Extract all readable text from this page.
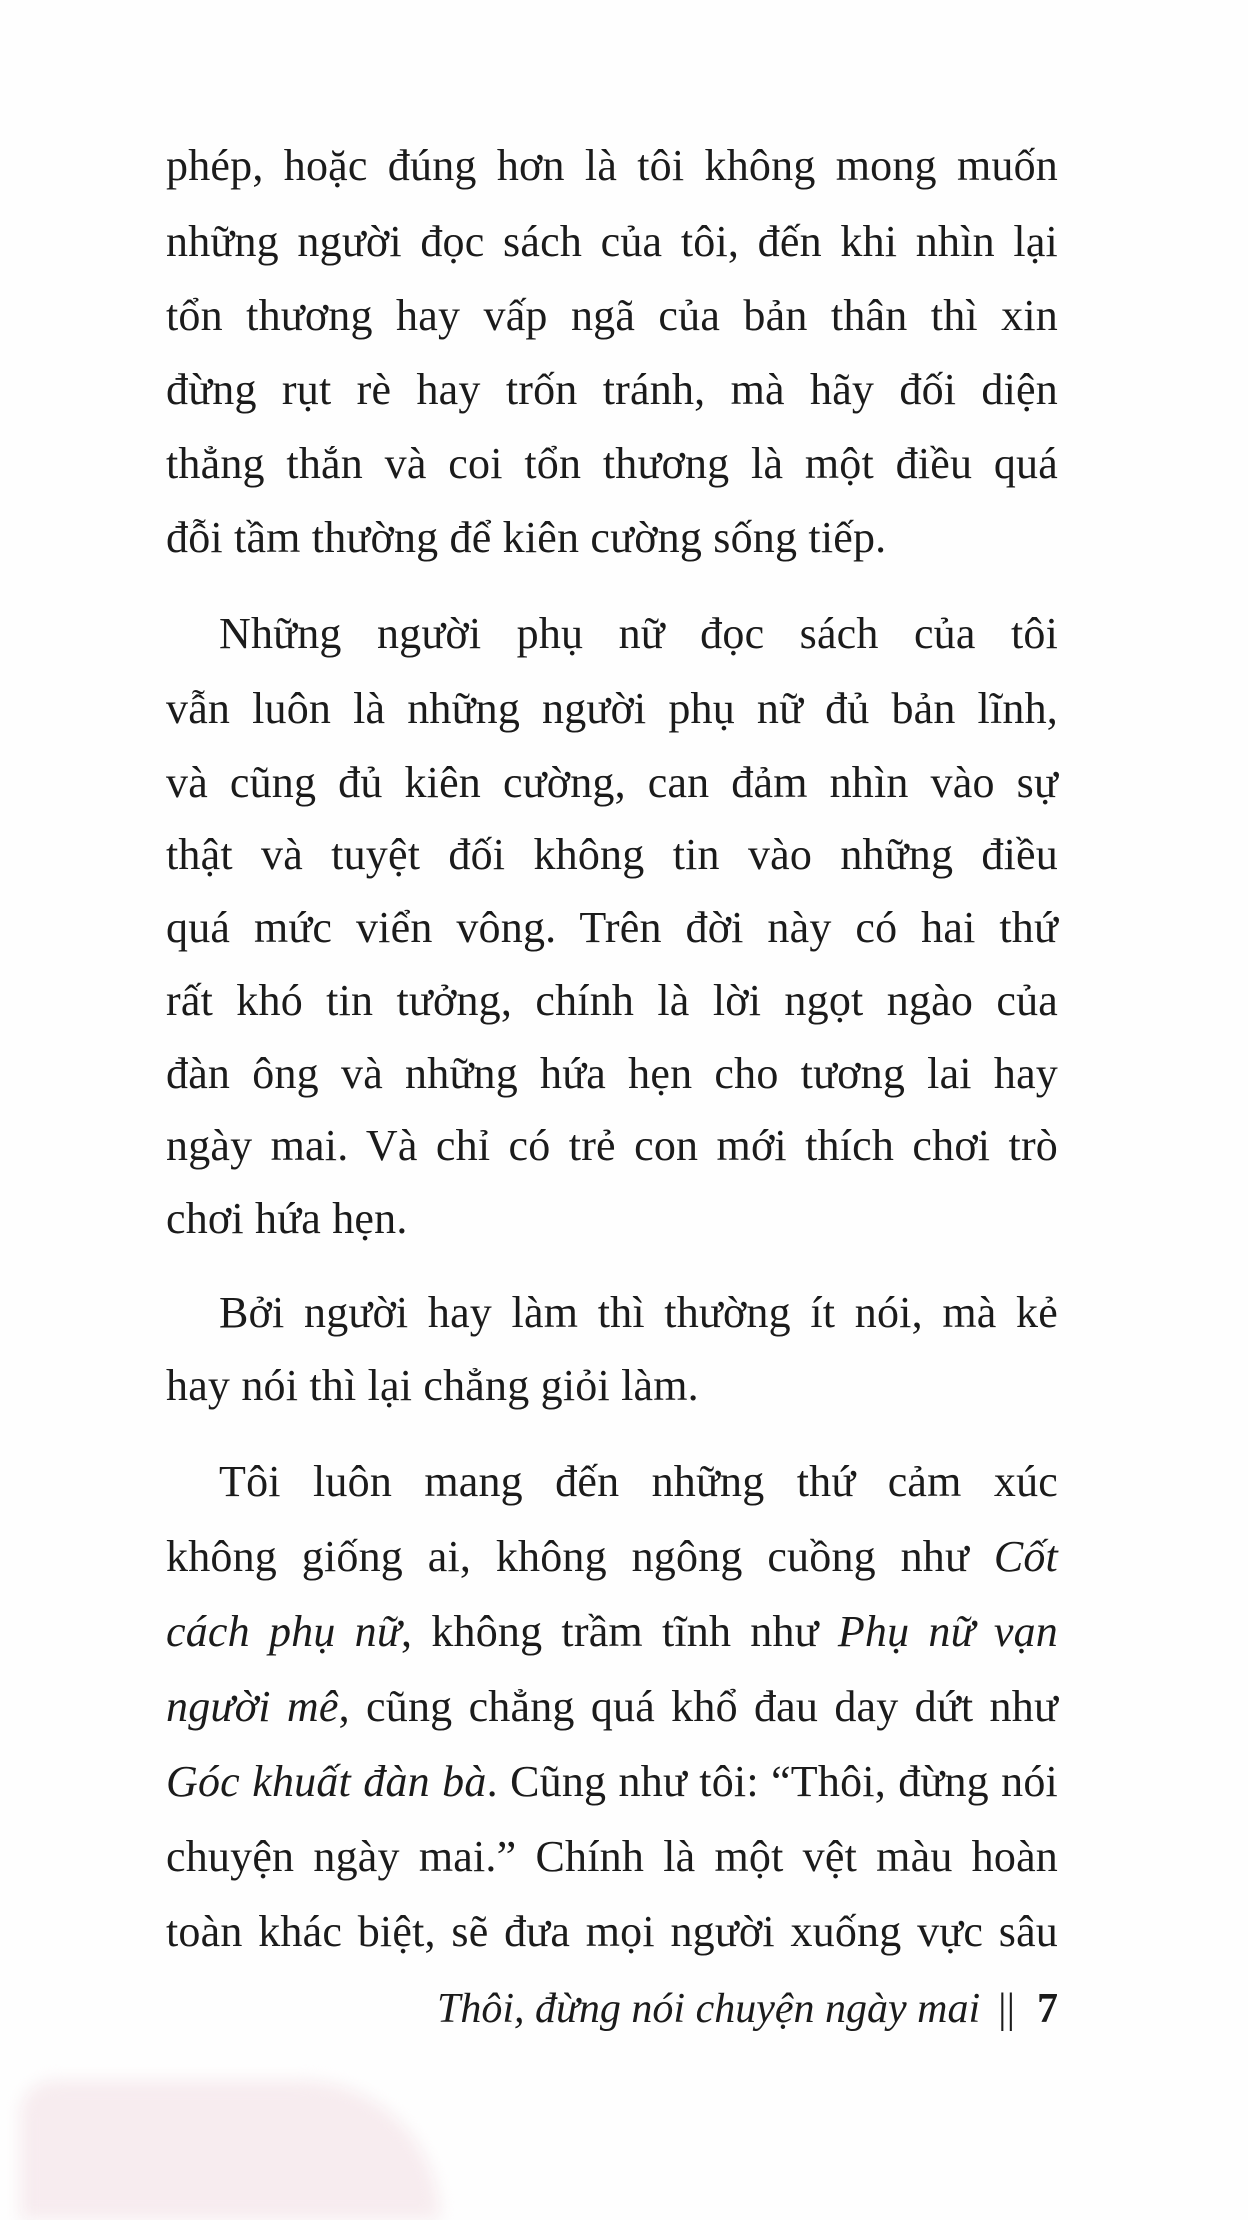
phép, hoặc đúng hơn là tôi không mong muốn
những người đọc sách của tôi, đến khi nhìn lại
tổn thương hay vấp ngã của bản thân thì xin
đừng rụt rè hay trốn tránh, mà hãy đối diện
thẳng thắn và coi tổn thương là một điều quá
đỗi tầm thường để kiên cường sống tiếp.
Những người phụ nữ đọc sách của tôi
vẫn luôn là những người phụ nữ đủ bản lĩnh,
và cũng đủ kiên cường, can đảm nhìn vào sự
thật và tuyệt đối không tin vào những điều
quá mức viển vông. Trên đời này có hai thứ
rất khó tin tưởng, chính là lời ngọt ngào của
đàn ông và những hứa hẹn cho tương lai hay
ngày mai. Và chỉ có trẻ con mới thích chơi trò
chơi hứa hẹn.
Bởi người hay làm thì thường ít nói, mà kẻ
hay nói thì lại chẳng giỏi làm.
Tôi luôn mang đến những thứ cảm xúc
không giống ai, không ngông cuồng như Cốt
cách phụ nữ, không trầm tĩnh như Phụ nữ vạn
người mê, cũng chẳng quá khổ đau day dứt như
Góc khuất đàn bà. Cũng như tôi: “Thôi, đừng nói
chuyện ngày mai.” Chính là một vệt màu hoàn
toàn khác biệt, sẽ đưa mọi người xuống vực sâu
Thôi, đừng nói chuyện ngày mai || 7
